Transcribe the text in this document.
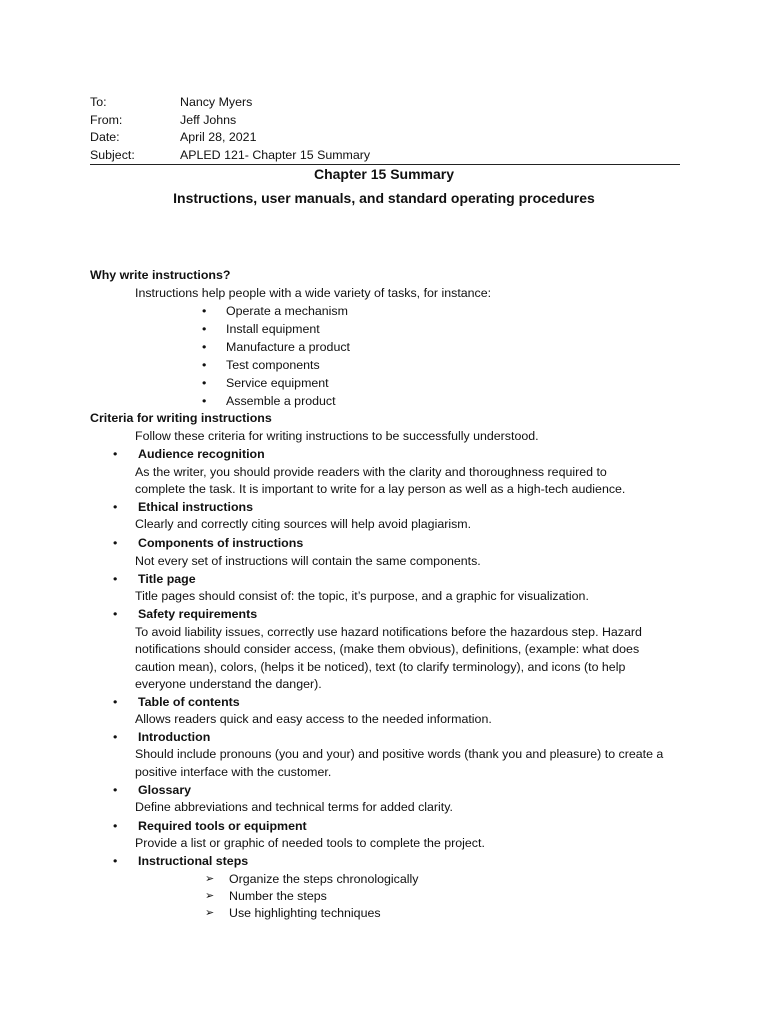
To:	Nancy Myers
From:	Jeff Johns
Date:	April 28, 2021
Subject:	APLED 121- Chapter 15 Summary
Chapter 15 Summary
Instructions, user manuals, and standard operating procedures
Why write instructions?
Instructions help people with a wide variety of tasks, for instance:
• Operate a mechanism
• Install equipment
• Manufacture a product
• Test components
• Service equipment
• Assemble a product
Criteria for writing instructions
Follow these criteria for writing instructions to be successfully understood.
• Audience recognition
As the writer, you should provide readers with the clarity and thoroughness required to
complete the task. It is important to write for a lay person as well as a high-tech audience.
• Ethical instructions
Clearly and correctly citing sources will help avoid plagiarism.
• Components of instructions
Not every set of instructions will contain the same components.
• Title page
Title pages should consist of: the topic, it’s purpose, and a graphic for visualization.
• Safety requirements
To avoid liability issues, correctly use hazard notifications before the hazardous step. Hazard
notifications should consider access, (make them obvious), definitions, (example: what does
caution mean), colors, (helps it be noticed), text (to clarify terminology), and icons (to help
everyone understand the danger).
• Table of contents
Allows readers quick and easy access to the needed information.
• Introduction
Should include pronouns (you and your) and positive words (thank you and pleasure) to create a
positive interface with the customer.
• Glossary
Define abbreviations and technical terms for added clarity.
• Required tools or equipment
Provide a list or graphic of needed tools to complete the project.
• Instructional steps
➢ Organize the steps chronologically
➢ Number the steps
➢ Use highlighting techniques
